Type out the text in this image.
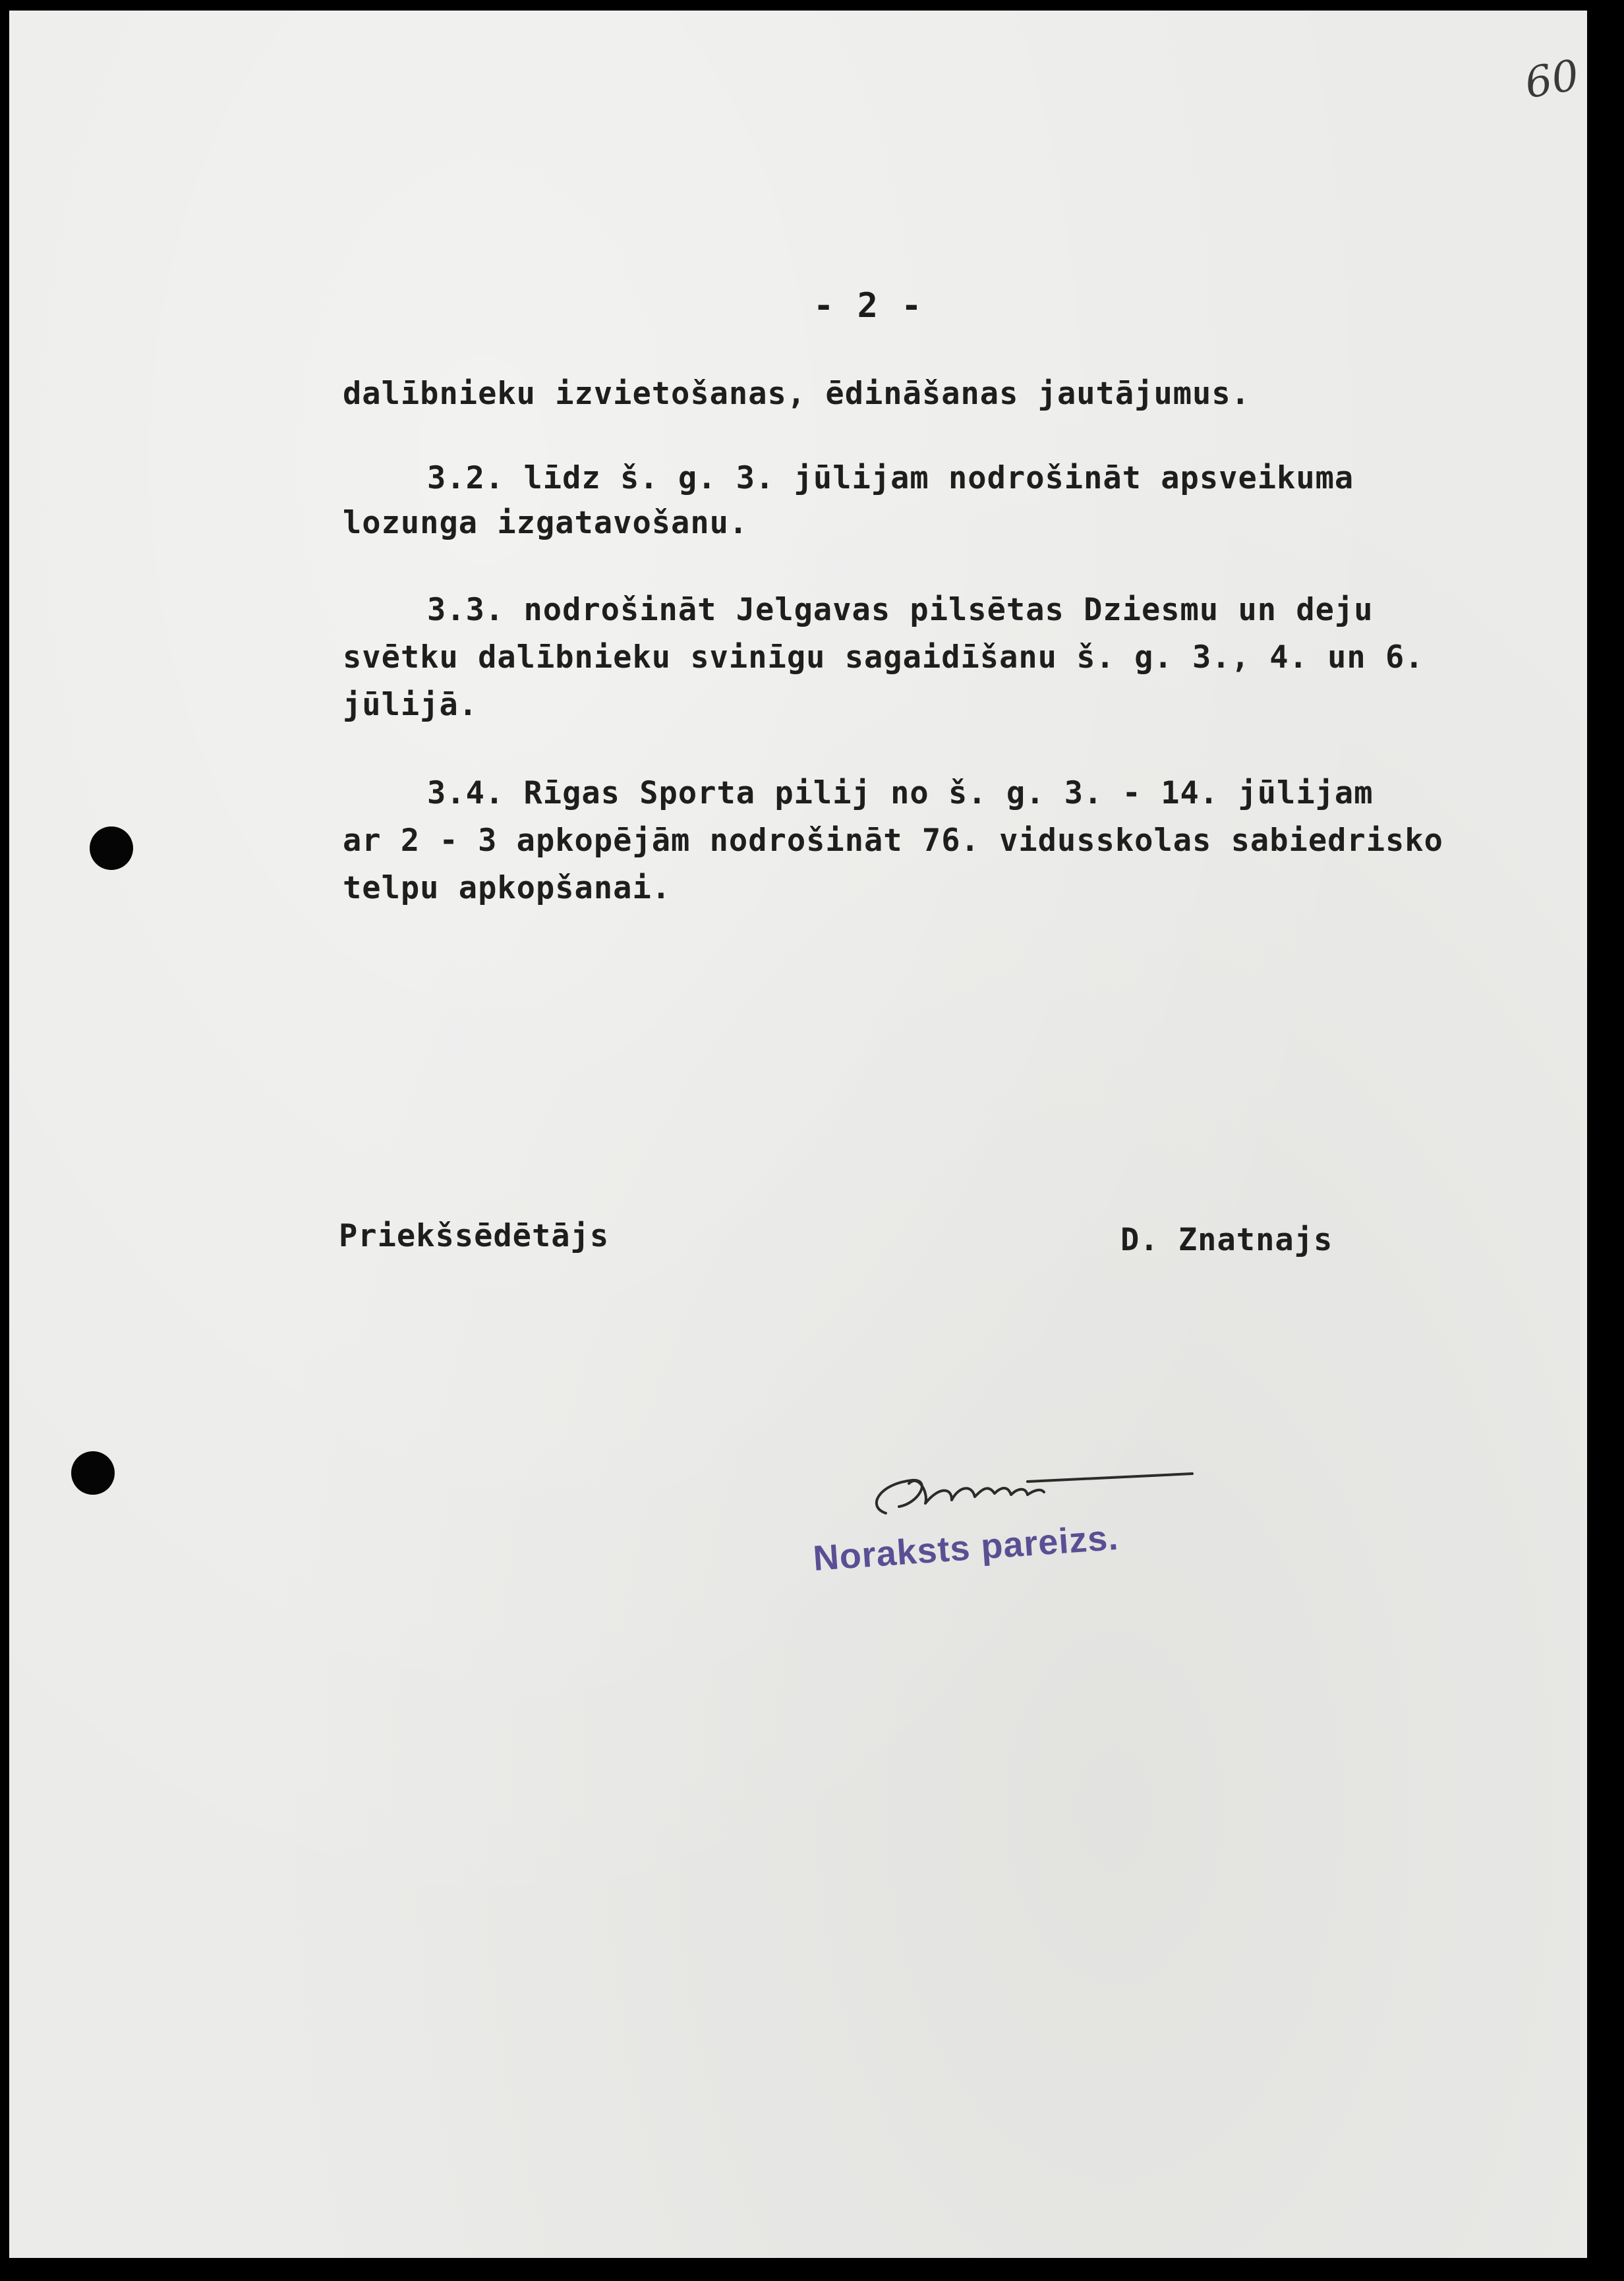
60
- 2 -

dalībnieku izvietošanas, ēdināšanas jautājumus.

3.2. līdz š. g. 3. jūlijam nodrošināt apsveikuma

lozunga izgatavošanu.

3.3. nodrošināt Jelgavas pilsētas Dziesmu un deju

svētku dalībnieku svinīgu sagaidīšanu š. g. 3., 4. un 6.

jūlijā.

3.4. Rīgas Sporta pilij no š. g. 3. - 14. jūlijam

ar 2 - 3 apkopējām nodrošināt 76. vidusskolas sabiedrisko

telpu apkopšanai.

Priekšsēdētājs	D. Znatnajs

Noraksts pareizs.
